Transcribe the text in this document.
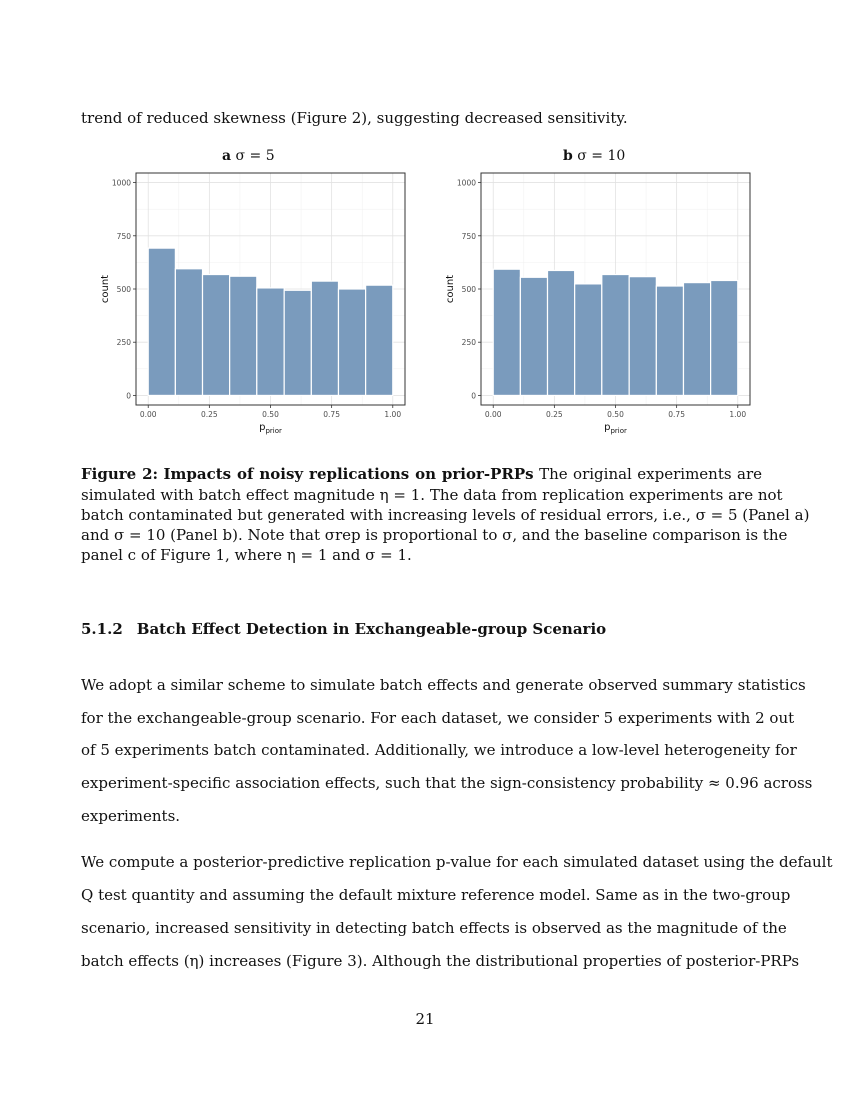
trend of reduced skewness (Figure 2), suggesting decreased sensitivity.
a σ = 5	b σ = 10
0
250
500
750
1000
0.00	0.25	0.50	0.75	1.00
count
$p_{prior}$
0
250
500
750
1000
0.00	0.25	0.50	0.75	1.00
count
$p_{prior}$
Figure 2: Impacts of noisy replications on prior-PRPs The original experiments are
simulated with batch effect magnitude η = 1. The data from replication experiments are not
batch contaminated but generated with increasing levels of residual errors, i.e., σ = 5 (Panel a)
and σ = 10 (Panel b). Note that σrep is proportional to σ, and the baseline comparison is the
panel c of Figure 1, where η = 1 and σ = 1.
5.1.2 Batch Effect Detection in Exchangeable-group Scenario
We adopt a similar scheme to simulate batch effects and generate observed summary statistics
for the exchangeable-group scenario. For each dataset, we consider 5 experiments with 2 out
of 5 experiments batch contaminated. Additionally, we introduce a low-level heterogeneity for
experiment-specific association effects, such that the sign-consistency probability ≈ 0.96 across
experiments.
We compute a posterior-predictive replication p-value for each simulated dataset using the default
Q test quantity and assuming the default mixture reference model. Same as in the two-group
scenario, increased sensitivity in detecting batch effects is observed as the magnitude of the
batch effects (η) increases (Figure 3). Although the distributional properties of posterior-PRPs
21
